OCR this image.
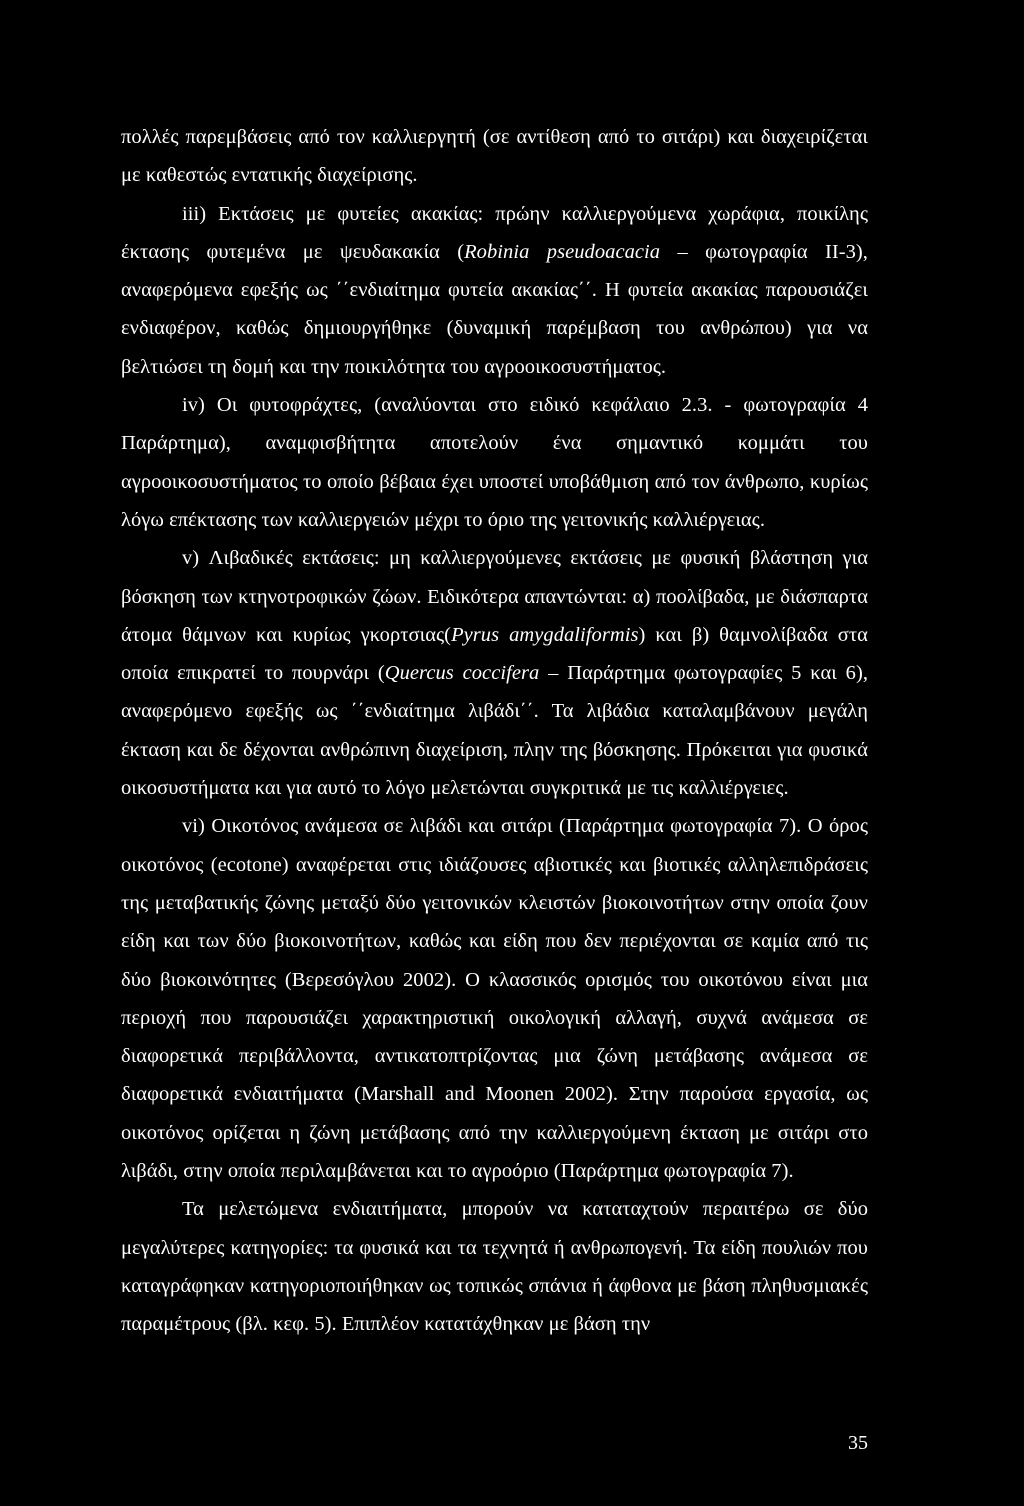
πολλές παρεμβάσεις από τον καλλιεργητή (σε αντίθεση από το σιτάρι) και διαχειρίζεται με καθεστώς εντατικής διαχείρισης.

iii) Εκτάσεις με φυτείες ακακίας: πρώην καλλιεργούμενα χωράφια, ποικίλης έκτασης φυτεμένα με ψευδακακία (Robinia pseudoacacia – φωτογραφία II-3), αναφερόμενα εφεξής ως ΄΄ενδιαίτημα φυτεία ακακίας΄΄. Η φυτεία ακακίας παρουσιάζει ενδιαφέρον, καθώς δημιουργήθηκε (δυναμική παρέμβαση του ανθρώπου) για να βελτιώσει τη δομή και την ποικιλότητα του αγροοικοσυστήματος.

iv) Οι φυτοφράχτες, (αναλύονται στο ειδικό κεφάλαιο 2.3. - φωτογραφία 4 Παράρτημα), αναμφισβήτητα αποτελούν ένα σημαντικό κομμάτι του αγροοικοσυστήματος το οποίο βέβαια έχει υποστεί υποβάθμιση από τον άνθρωπο, κυρίως λόγω επέκτασης των καλλιεργειών μέχρι το όριο της γειτονικής καλλιέργειας.

v) Λιβαδικές εκτάσεις: μη καλλιεργούμενες εκτάσεις με φυσική βλάστηση για βόσκηση των κτηνοτροφικών ζώων. Ειδικότερα απαντώνται: α) ποολίβαδα, με διάσπαρτα άτομα θάμνων και κυρίως γκορτσιας(Pyrus amygdaliformis) και β) θαμνολίβαδα στα οποία επικρατεί το πουρνάρι (Quercus coccifera – Παράρτημα φωτογραφίες 5 και 6), αναφερόμενο εφεξής ως ΄΄ενδιαίτημα λιβάδι΄΄. Τα λιβάδια καταλαμβάνουν μεγάλη έκταση και δε δέχονται ανθρώπινη διαχείριση, πλην της βόσκησης. Πρόκειται για φυσικά οικοσυστήματα και για αυτό το λόγο μελετώνται συγκριτικά με τις καλλιέργειες.

vi) Οικοτόνος ανάμεσα σε λιβάδι και σιτάρι (Παράρτημα φωτογραφία 7). Ο όρος οικοτόνος (ecotone) αναφέρεται στις ιδιάζουσες αβιοτικές και βιοτικές αλληλεπιδράσεις της μεταβατικής ζώνης μεταξύ δύο γειτονικών κλειστών βιοκοινοτήτων στην οποία ζουν είδη και των δύο βιοκοινοτήτων, καθώς και είδη που δεν περιέχονται σε καμία από τις δύο βιοκοινότητες (Βερεσόγλου 2002). Ο κλασσικός ορισμός του οικοτόνου είναι μια περιοχή που παρουσιάζει χαρακτηριστική οικολογική αλλαγή, συχνά ανάμεσα σε διαφορετικά περιβάλλοντα, αντικατοπτρίζοντας μια ζώνη μετάβασης ανάμεσα σε διαφορετικά ενδιαιτήματα (Marshall and Moonen 2002). Στην παρούσα εργασία, ως οικοτόνος ορίζεται η ζώνη μετάβασης από την καλλιεργούμενη έκταση με σιτάρι στο λιβάδι, στην οποία περιλαμβάνεται και το αγροόριο (Παράρτημα φωτογραφία 7).

Τα μελετώμενα ενδιαιτήματα, μπορούν να καταταχτούν περαιτέρω σε δύο μεγαλύτερες κατηγορίες: τα φυσικά και τα τεχνητά ή ανθρωπογενή. Τα είδη πουλιών που καταγράφηκαν κατηγοριοποιήθηκαν ως τοπικώς σπάνια ή άφθονα με βάση πληθυσμιακές παραμέτρους (βλ. κεφ. 5). Επιπλέον κατατάχθηκαν με βάση την

35
